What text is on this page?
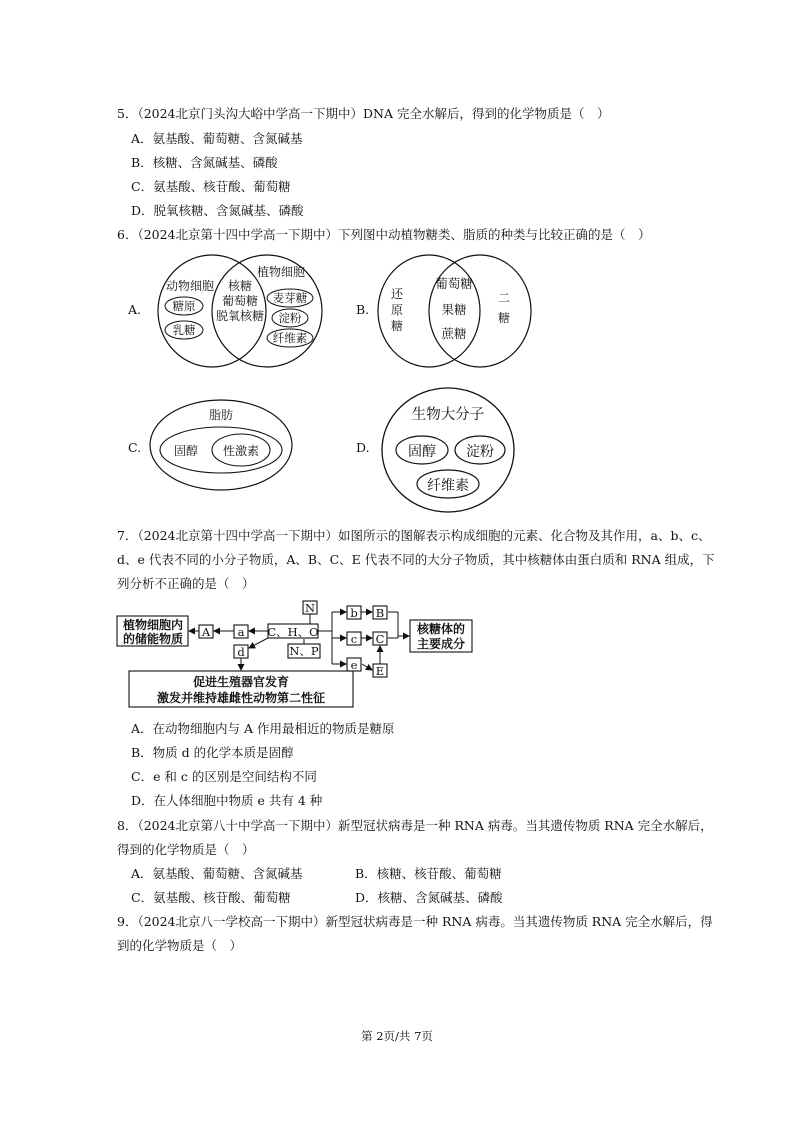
5．（2024北京门头沟大峪中学高一下期中）DNA 完全水解后，得到的化学物质是（　）
A．氨基酸、葡萄糖、含氮碱基
B．核糖、含氮碱基、磷酸
C．氨基酸、核苷酸、葡萄糖
D．脱氧核糖、含氮碱基、磷酸
6．（2024北京第十四中学高一下期中）下列图中动植物糖类、脂质的种类与比较正确的是（　）
A.
动物细胞
植物细胞
糖原
乳糖
核糖
葡萄糖
脱氧核糖
麦芽糖
淀粉
纤维素
B.
还
原
糖
葡萄糖
果糖
蔗糖
二
糖
C.
脂肪
固醇 性激素	D.
生物大分子
固醇 淀粉
纤维素
7．（2024北京第十四中学高一下期中）如图所示的图解表示构成细胞的元素、化合物及其作用，a、b、c、
d、e 代表不同的小分子物质，A、B、C、E 代表不同的大分子物质，其中核糖体由蛋白质和 RNA 组成，下
列分析不正确的是（　）
植物细胞内
的储能物质 A a C、H、O
d
N
N、P
b B
c C
e E
核糖体的
主要成分
促进生殖器官发育
激发并维持雄雌性动物第二性征
A．在动物细胞内与 A 作用最相近的物质是糖原
B．物质 d 的化学本质是固醇
C．e 和 c 的区别是空间结构不同
D．在人体细胞中物质 e 共有 4 种
8．（2024北京第八十中学高一下期中）新型冠状病毒是一种 RNA 病毒。当其遗传物质 RNA 完全水解后，
得到的化学物质是（　）
A．氨基酸、葡萄糖、含氮碱基	B．核糖、核苷酸、葡萄糖
C．氨基酸、核苷酸、葡萄糖	D．核糖、含氮碱基、磷酸
9．（2024北京八一学校高一下期中）新型冠状病毒是一种 RNA 病毒。当其遗传物质 RNA 完全水解后，得
到的化学物质是（　）
第 2页/共 7页
